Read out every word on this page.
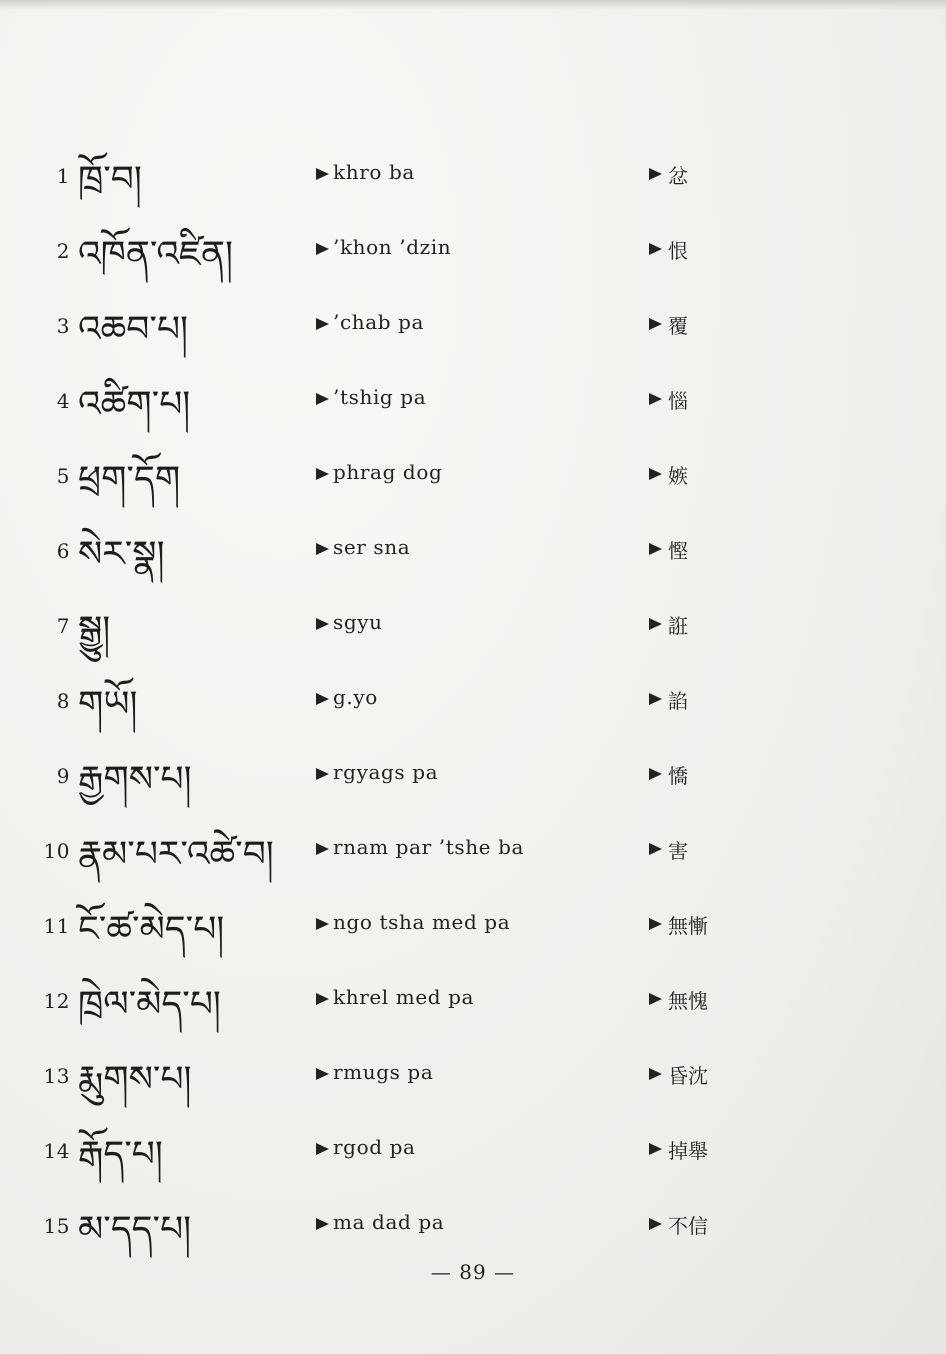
1 ཁྲོ་བ།	khro ba	忿
2 འཁོན་འཛིན།	’khon ’dzin	恨
3 འཆབ་པ།	’chab pa	覆
4 འཚིག་པ།	’tshig pa	惱
5 ཕྲག་དོག	phrag dog	嫉
6 སེར་སྣ།	ser sna	慳
7 སྒྱུ།	sgyu	誑
8 གཡོ།	g.yo	諂
9 རྒྱགས་པ།	rgyags pa	憍
10 རྣམ་པར་འཚེ་བ།	rnam par ’tshe ba	害
11 ངོ་ཚ་མེད་པ།	ngo tsha med pa	無慚
12 ཁྲེལ་མེད་པ།	khrel med pa	無愧
13 རྨུགས་པ།	rmugs pa	昏沈
14 རྒོད་པ།	rgod pa	掉舉
15 མ་དད་པ།	ma dad pa	不信
— 89 —
